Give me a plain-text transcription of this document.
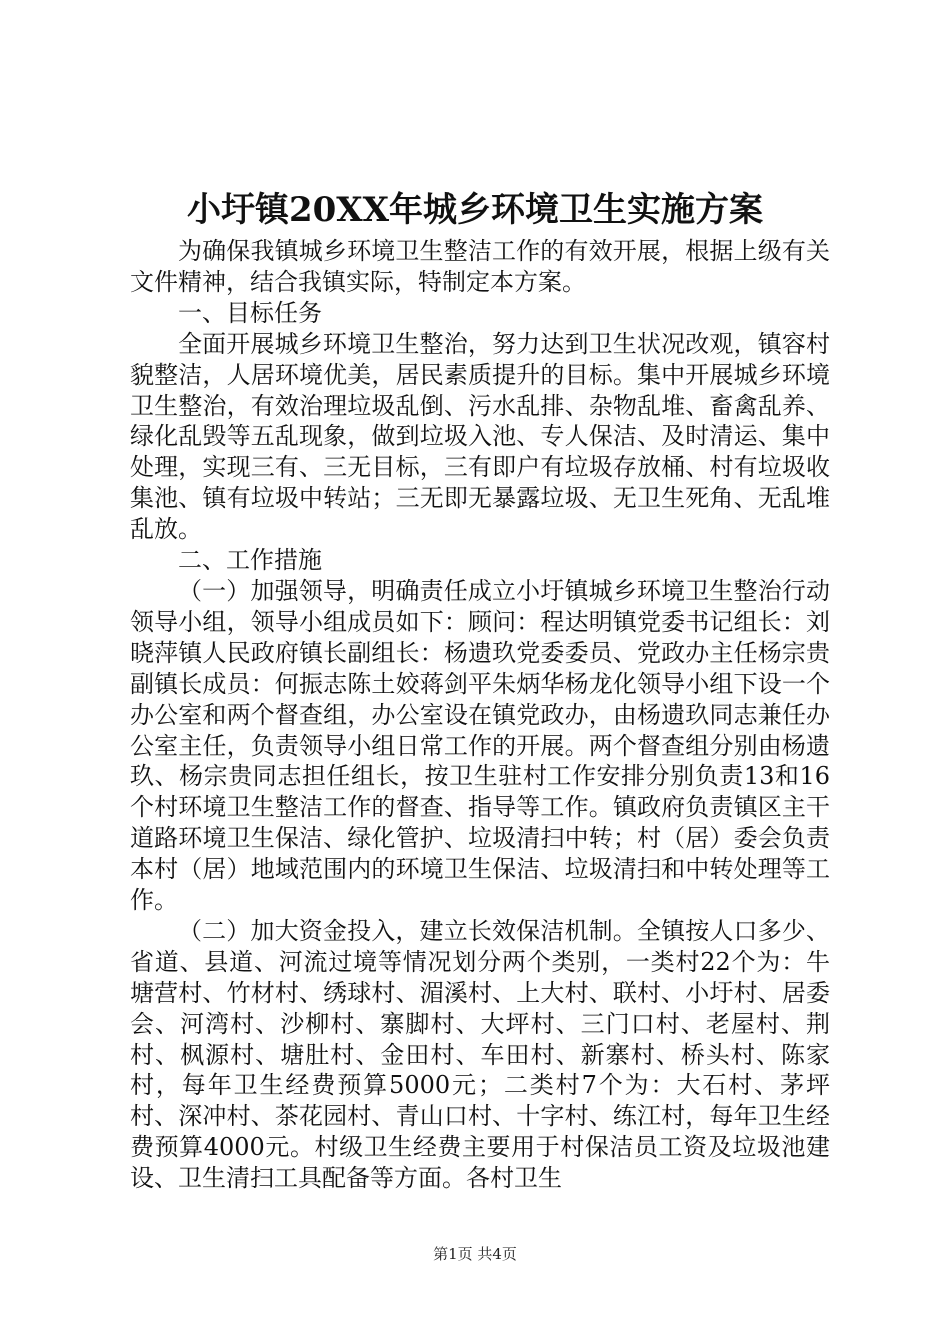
小圩镇20XX年城乡环境卫生实施方案

为确保我镇城乡环境卫生整洁工作的有效开展，根据上级有关文件精神，结合我镇实际，特制定本方案。

一、目标任务

全面开展城乡环境卫生整治，努力达到卫生状况改观，镇容村貌整洁，人居环境优美，居民素质提升的目标。集中开展城乡环境卫生整治，有效治理垃圾乱倒、污水乱排、杂物乱堆、畜禽乱养、绿化乱毁等五乱现象，做到垃圾入池、专人保洁、及时清运、集中处理，实现三有、三无目标，三有即户有垃圾存放桶、村有垃圾收集池、镇有垃圾中转站；三无即无暴露垃圾、无卫生死角、无乱堆乱放。

二、工作措施

（一）加强领导，明确责任成立小圩镇城乡环境卫生整治行动领导小组，领导小组成员如下：顾问：程达明镇党委书记组长：刘晓萍镇人民政府镇长副组长：杨遗玖党委委员、党政办主任杨宗贵副镇长成员：何振志陈土姣蒋剑平朱炳华杨龙化领导小组下设一个办公室和两个督查组，办公室设在镇党政办，由杨遗玖同志兼任办公室主任，负责领导小组日常工作的开展。两个督查组分别由杨遗玖、杨宗贵同志担任组长，按卫生驻村工作安排分别负责13和16个村环境卫生整洁工作的督查、指导等工作。镇政府负责镇区主干道路环境卫生保洁、绿化管护、垃圾清扫中转；村（居）委会负责本村（居）地域范围内的环境卫生保洁、垃圾清扫和中转处理等工作。

（二）加大资金投入，建立长效保洁机制。全镇按人口多少、省道、县道、河流过境等情况划分两个类别，一类村22个为：牛塘营村、竹材村、绣球村、湄溪村、上大村、联村、小圩村、居委会、河湾村、沙柳村、寨脚村、大坪村、三门口村、老屋村、荆村、枫源村、塘肚村、金田村、车田村、新寨村、桥头村、陈家村，每年卫生经费预算5000元；二类村7个为：大石村、茅坪村、深冲村、茶花园村、青山口村、十字村、练江村，每年卫生经费预算4000元。村级卫生经费主要用于村保洁员工资及垃圾池建设、卫生清扫工具配备等方面。各村卫生

第1页 共4页
